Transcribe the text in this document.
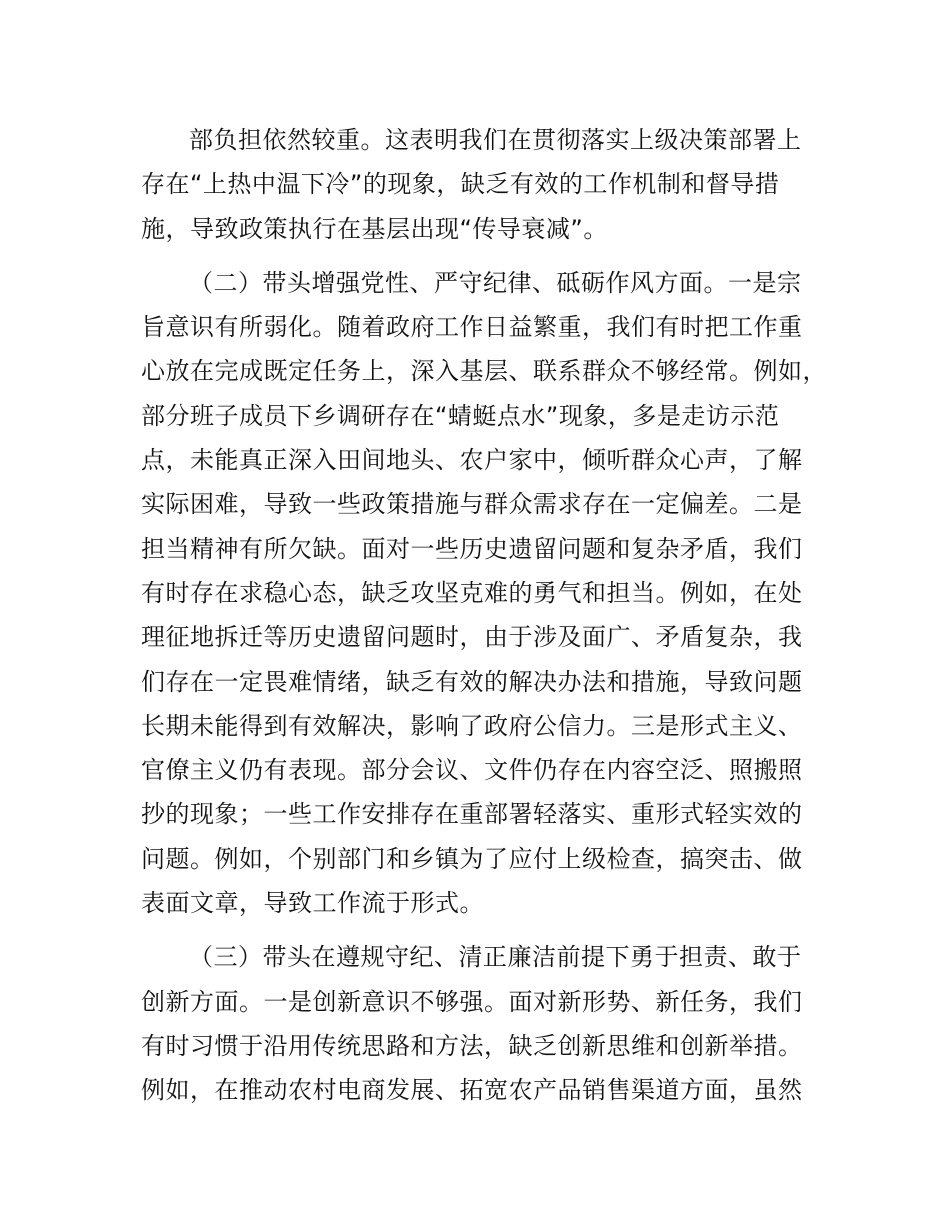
部负担依然较重。这表明我们在贯彻落实上级决策部署上
存在“上热中温下冷”的现象，缺乏有效的工作机制和督导措
施，导致政策执行在基层出现“传导衰减”。
（二）带头增强党性、严守纪律、砥砺作风方面。一是宗
旨意识有所弱化。随着政府工作日益繁重，我们有时把工作重
心放在完成既定任务上，深入基层、联系群众不够经常。例如，
部分班子成员下乡调研存在“蜻蜓点水”现象，多是走访示范
点，未能真正深入田间地头、农户家中，倾听群众心声，了解
实际困难，导致一些政策措施与群众需求存在一定偏差。二是
担当精神有所欠缺。面对一些历史遗留问题和复杂矛盾，我们
有时存在求稳心态，缺乏攻坚克难的勇气和担当。例如，在处
理征地拆迁等历史遗留问题时，由于涉及面广、矛盾复杂，我
们存在一定畏难情绪，缺乏有效的解决办法和措施，导致问题
长期未能得到有效解决，影响了政府公信力。三是形式主义、
官僚主义仍有表现。部分会议、文件仍存在内容空泛、照搬照
抄的现象；一些工作安排存在重部署轻落实、重形式轻实效的
问题。例如，个别部门和乡镇为了应付上级检查，搞突击、做
表面文章，导致工作流于形式。
（三）带头在遵规守纪、清正廉洁前提下勇于担责、敢于
创新方面。一是创新意识不够强。面对新形势、新任务，我们
有时习惯于沿用传统思路和方法，缺乏创新思维和创新举措。
例如，在推动农村电商发展、拓宽农产品销售渠道方面，虽然
